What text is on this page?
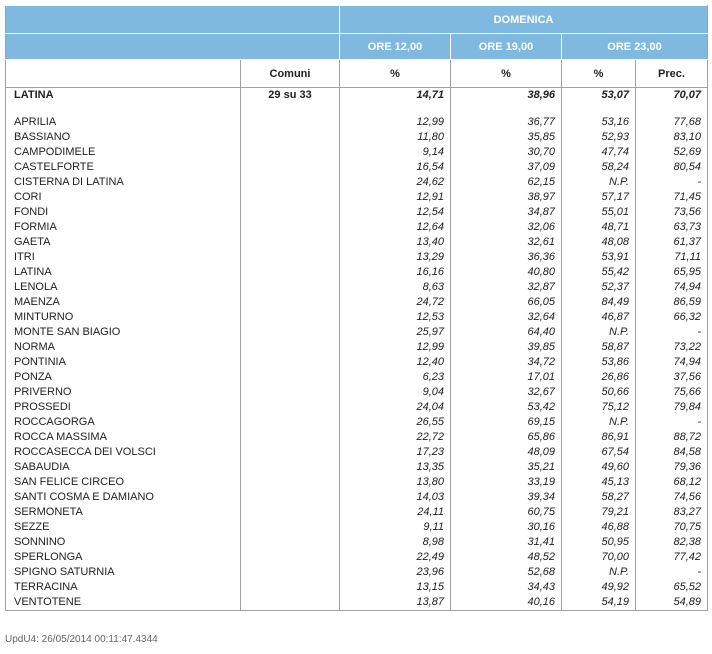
		DOMENICA			
		ORE 12,00	ORE 19,00	ORE 23,00	
	Comuni	%	%	%	Prec.
LATINA	29 su 33	14,71	38,96	53,07	70,07

APRILIA		12,99	36,77	53,16	77,68
BASSIANO		11,80	35,85	52,93	83,10
CAMPODIMELE		9,14	30,70	47,74	52,69
CASTELFORTE		16,54	37,09	58,24	80,54
CISTERNA DI LATINA		24,62	62,15	N.P.	-
CORI		12,91	38,97	57,17	71,45
FONDI		12,54	34,87	55,01	73,56
FORMIA		12,64	32,06	48,71	63,73
GAETA		13,40	32,61	48,08	61,37
ITRI		13,29	36,36	53,91	71,11
LATINA		16,16	40,80	55,42	65,95
LENOLA		8,63	32,87	52,37	74,94
MAENZA		24,72	66,05	84,49	86,59
MINTURNO		12,53	32,64	46,87	66,32
MONTE SAN BIAGIO		25,97	64,40	N.P.	-
NORMA		12,99	39,85	58,87	73,22
PONTINIA		12,40	34,72	53,86	74,94
PONZA		6,23	17,01	26,86	37,56
PRIVERNO		9,04	32,67	50,66	75,66
PROSSEDI		24,04	53,42	75,12	79,84
ROCCAGORGA		26,55	69,15	N.P.	-
ROCCA MASSIMA		22,72	65,86	86,91	88,72
ROCCASECCA DEI VOLSCI		17,23	48,09	67,54	84,58
SABAUDIA		13,35	35,21	49,60	79,36
SAN FELICE CIRCEO		13,80	33,19	45,13	68,12
SANTI COSMA E DAMIANO		14,03	39,34	58,27	74,56
SERMONETA		24,11	60,75	79,21	83,27
SEZZE		9,11	30,16	46,88	70,75
SONNINO		8,98	31,41	50,95	82,38
SPERLONGA		22,49	48,52	70,00	77,42
SPIGNO SATURNIA		23,96	52,68	N.P.	-
TERRACINA		13,15	34,43	49,92	65,52
VENTOTENE		13,87	40,16	54,19	54,89
UpdU4: 26/05/2014 00:11:47.4344
